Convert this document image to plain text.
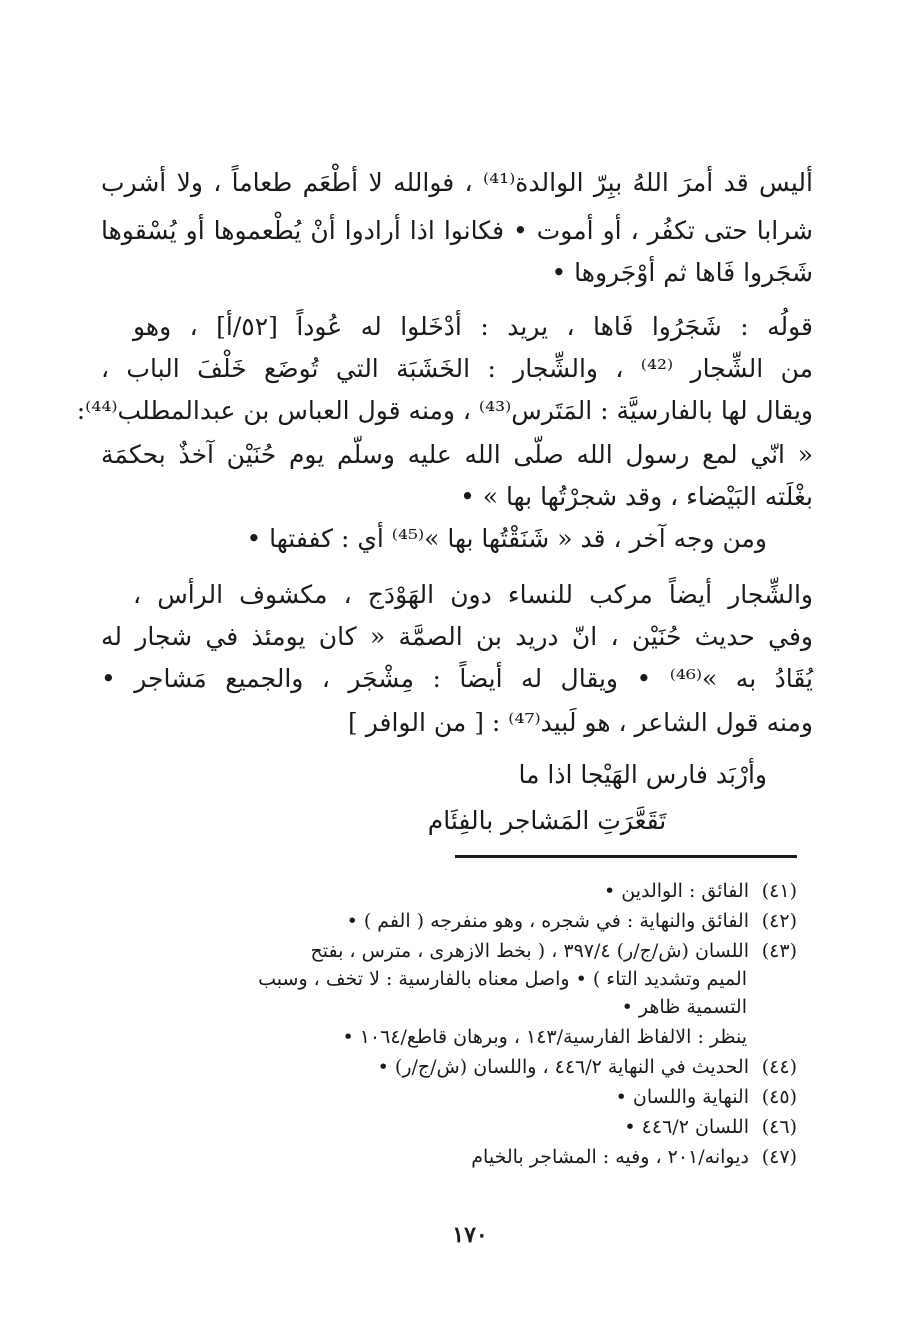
أليس قد أمرَ اللهُ ببِرّ الوالدة⁽⁴¹⁾ ، فوالله لا أطْعَم طعاماً ، ولا أشرب
شرابا حتى تكفُر ، أو أموت • فكانوا اذا أرادوا أنْ يُطْعموها أو يُسْقوها
شَجَروا فَاها ثم أوْجَروها •
قولُه : شَجَرُوا فَاها ، يريد : أدْخَلوا له عُوداً [٥٢/أ] ، وهو
من الشِّجار ⁽⁴²⁾ ، والشِّجار : الخَشَبَة التي تُوضَع خَلْفَ الباب ،
ويقال لها بالفارسيَّة : المَتَرس⁽⁴³⁾ ، ومنه قول العباس بن عبدالمطلب⁽⁴⁴⁾:
« انّي لمع رسول الله صلّى الله عليه وسلّم يوم حُنَيْن آخذٌ بحكمَة
بغْلَته البَيْضاء ، وقد شجرْتُها بها » •
ومن وجه آخر ، قد « شَنَقْتُها بها »⁽⁴⁵⁾ أي : كففتها •
والشِّجار أيضاً مركب للنساء دون الهَوْدَج ، مكشوف الرأس ،
وفي حديث حُنَيْن ، انّ دريد بن الصمَّة « كان يومئذ في شجار له
يُقَادُ به »⁽⁴⁶⁾ • ويقال له أيضاً : مِشْجَر ، والجميع مَشاجر •
ومنه قول الشاعر ، هو لَبيد⁽⁴⁷⁾ : [ من الوافر ]
وأرْبَد فارس الهَيْجا اذا ما
تَقَعَّرَتِ المَشاجر بالفِئَام
(٤١)الفائق : الوالدين •
(٤٢)الفائق والنهاية : في شجره ، وهو منفرجه ( الفم ) •
(٤٣)اللسان (ش/ج/ر) ٣٩٧/٤ ، ( بخط الازهرى ، مترس ، بفتح
الميم وتشديد التاء ) • واصل معناه بالفارسية : لا تخف ، وسبب
التسمية ظاهر •
ينظر : الالفاظ الفارسية/١٤٣ ، وبرهان قاطع/١٠٦٤ •
(٤٤)الحديث في النهاية ٤٤٦/٢ ، واللسان (ش/ج/ر) •
(٤٥)النهاية واللسان •
(٤٦)اللسان ٤٤٦/٢ •
(٤٧)ديوانه/٢٠١ ، وفيه : المشاجر بالخيام
١٧٠
